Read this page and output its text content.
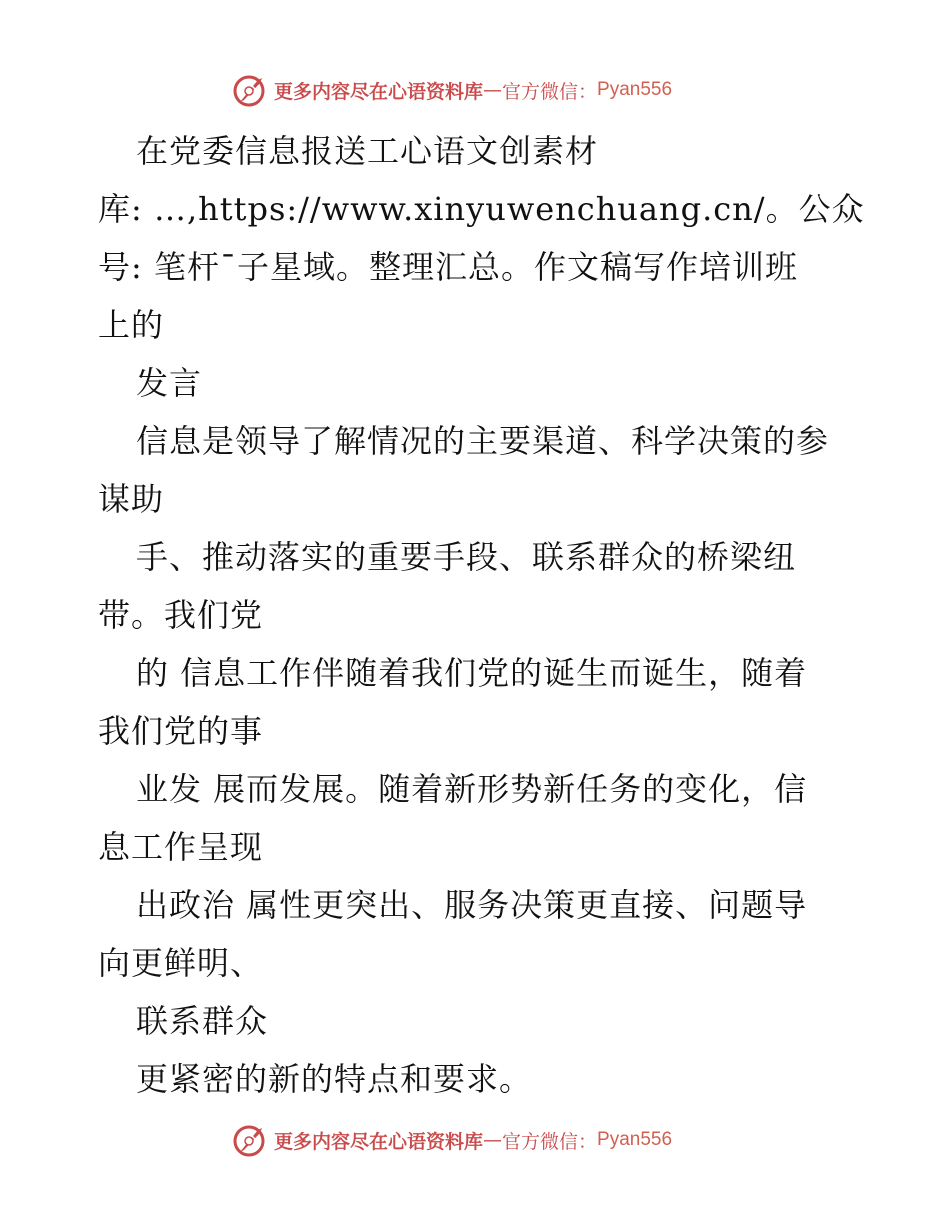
更多内容尽在心语资料库 — 官方微信： Pyan556
在党委信息报送工心语文创素材
库: …,https://www.xinyuwenchuang.cn/。公众
号: 笔杆¯子星域。整理汇总。作文稿写作培训班
上的
发言
信息是领导了解情况的主要渠道、科学决策的参
谋助
手、推动落实的重要手段、联系群众的桥梁纽
带。我们党
的 信息工作伴随着我们党的诞生而诞生，随着
我们党的事
业发 展而发展。随着新形势新任务的变化，信
息工作呈现
出政治 属性更突出、服务决策更直接、问题导
向更鲜明、
联系群众
更紧密的新的特点和要求。
更多内容尽在心语资料库 — 官方微信： Pyan556
